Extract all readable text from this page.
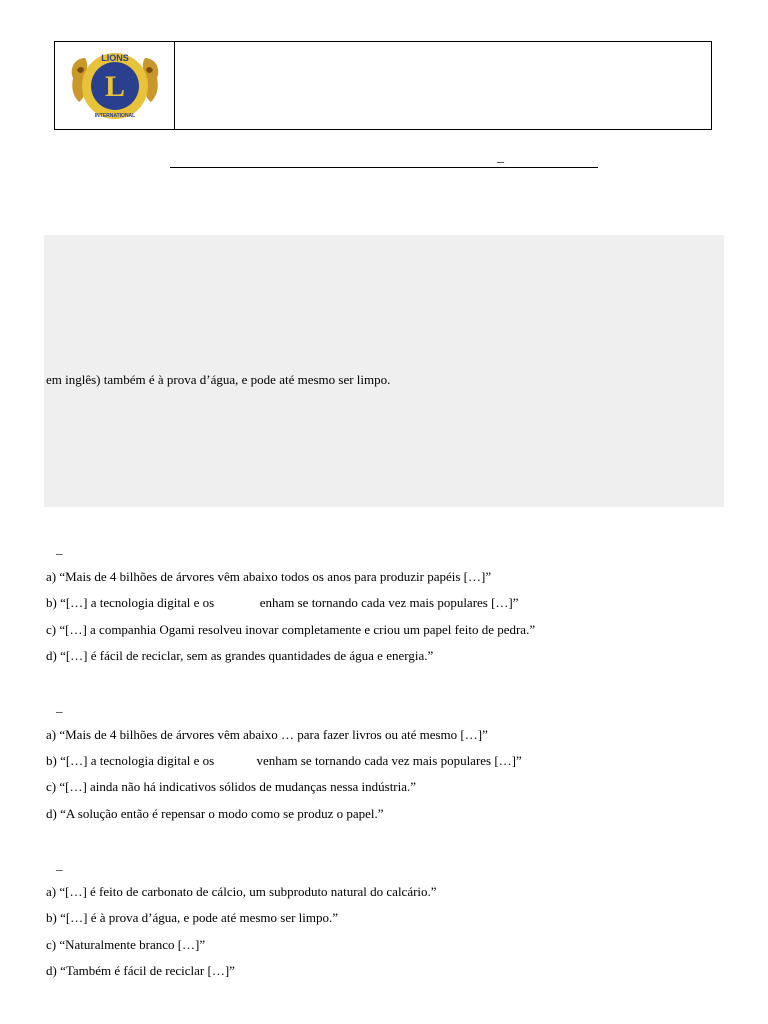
L
LIONS
INTERNATIONAL
_
em inglês) também é à prova d’água, e pode até mesmo ser limpo.
_
a) “Mais de 4 bilhões de árvores vêm abaixo todos os anos para produzir papéis […]”
b) “[…] a tecnologia digital e os              enham se tornando cada vez mais populares […]”
c) “[…] a companhia Ogami resolveu inovar completamente e criou um papel feito de pedra.”
d) “[…] é fácil de reciclar, sem as grandes quantidades de água e energia.”
_
a) “Mais de 4 bilhões de árvores vêm abaixo … para fazer livros ou até mesmo […]”
b) “[…] a tecnologia digital e os             venham se tornando cada vez mais populares […]”
c) “[…] ainda não há indicativos sólidos de mudanças nessa indústria.”
d) “A solução então é repensar o modo como se produz o papel.”
_
a) “[…] é feito de carbonato de cálcio, um subproduto natural do calcário.”
b) “[…] é à prova d’água, e pode até mesmo ser limpo.”
c) “Naturalmente branco […]”
d) “Também é fácil de reciclar […]”
